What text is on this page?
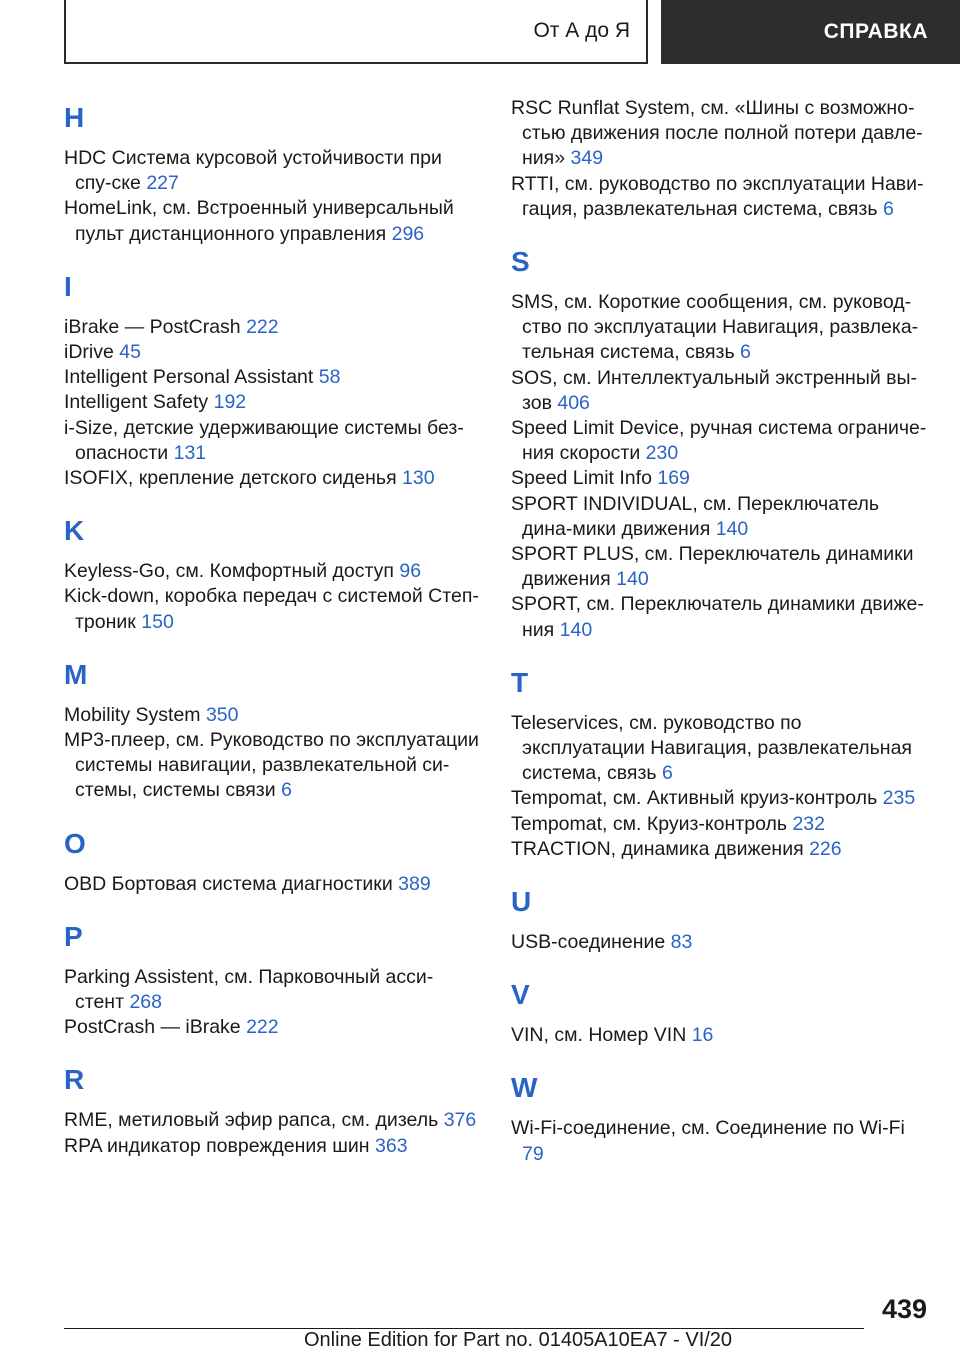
От А до Я	СПРАВКА
H
HDC Система курсовой устойчивости при спу-ске 227
HomeLink, см. Встроенный универсальный пульт дистанционного управления 296
I
iBrake — PostCrash 222
iDrive 45
Intelligent Personal Assistant 58
Intelligent Safety 192
i-Size, детские удерживающие системы без-опасности 131
ISOFIX, крепление детского сиденья 130
K
Keyless-Go, см. Комфортный доступ 96
Kick-down, коробка передач с системой Степ-троник 150
M
Mobility System 350
MP3-плеер, см. Руководство по эксплуатации системы навигации, развлекательной си-стемы, системы связи 6
O
OBD Бортовая система диагностики 389
P
Parking Assistent, см. Парковочный асси-стент 268
PostCrash — iBrake 222
R
RME, метиловый эфир рапса, см. дизель 376
RPA индикатор повреждения шин 363
RSC Runflat System, см. «Шины с возможно-стью движения после полной потери давле-ния» 349
RTTI, см. руководство по эксплуатации Нави-гация, развлекательная система, связь 6
S
SMS, см. Короткие сообщения, см. руковод-ство по эксплуатации Навигация, развлека-тельная система, связь 6
SOS, см. Интеллектуальный экстренный вы-зов 406
Speed Limit Device, ручная система ограниче-ния скорости 230
Speed Limit Info 169
SPORT INDIVIDUAL, см. Переключатель дина-мики движения 140
SPORT PLUS, см. Переключатель динамики движения 140
SPORT, см. Переключатель динамики движе-ния 140
T
Teleservices, см. руководство по эксплуатации Навигация, развлекательная система, связь 6
Tempomat, см. Активный круиз-контроль 235
Tempomat, см. Круиз-контроль 232
TRACTION, динамика движения 226
U
USB-соединение 83
V
VIN, см. Номер VIN 16
W
Wi-Fi-соединение, см. Соединение по Wi-Fi 79
439
Online Edition for Part no. 01405A10EA7 - VI/20
